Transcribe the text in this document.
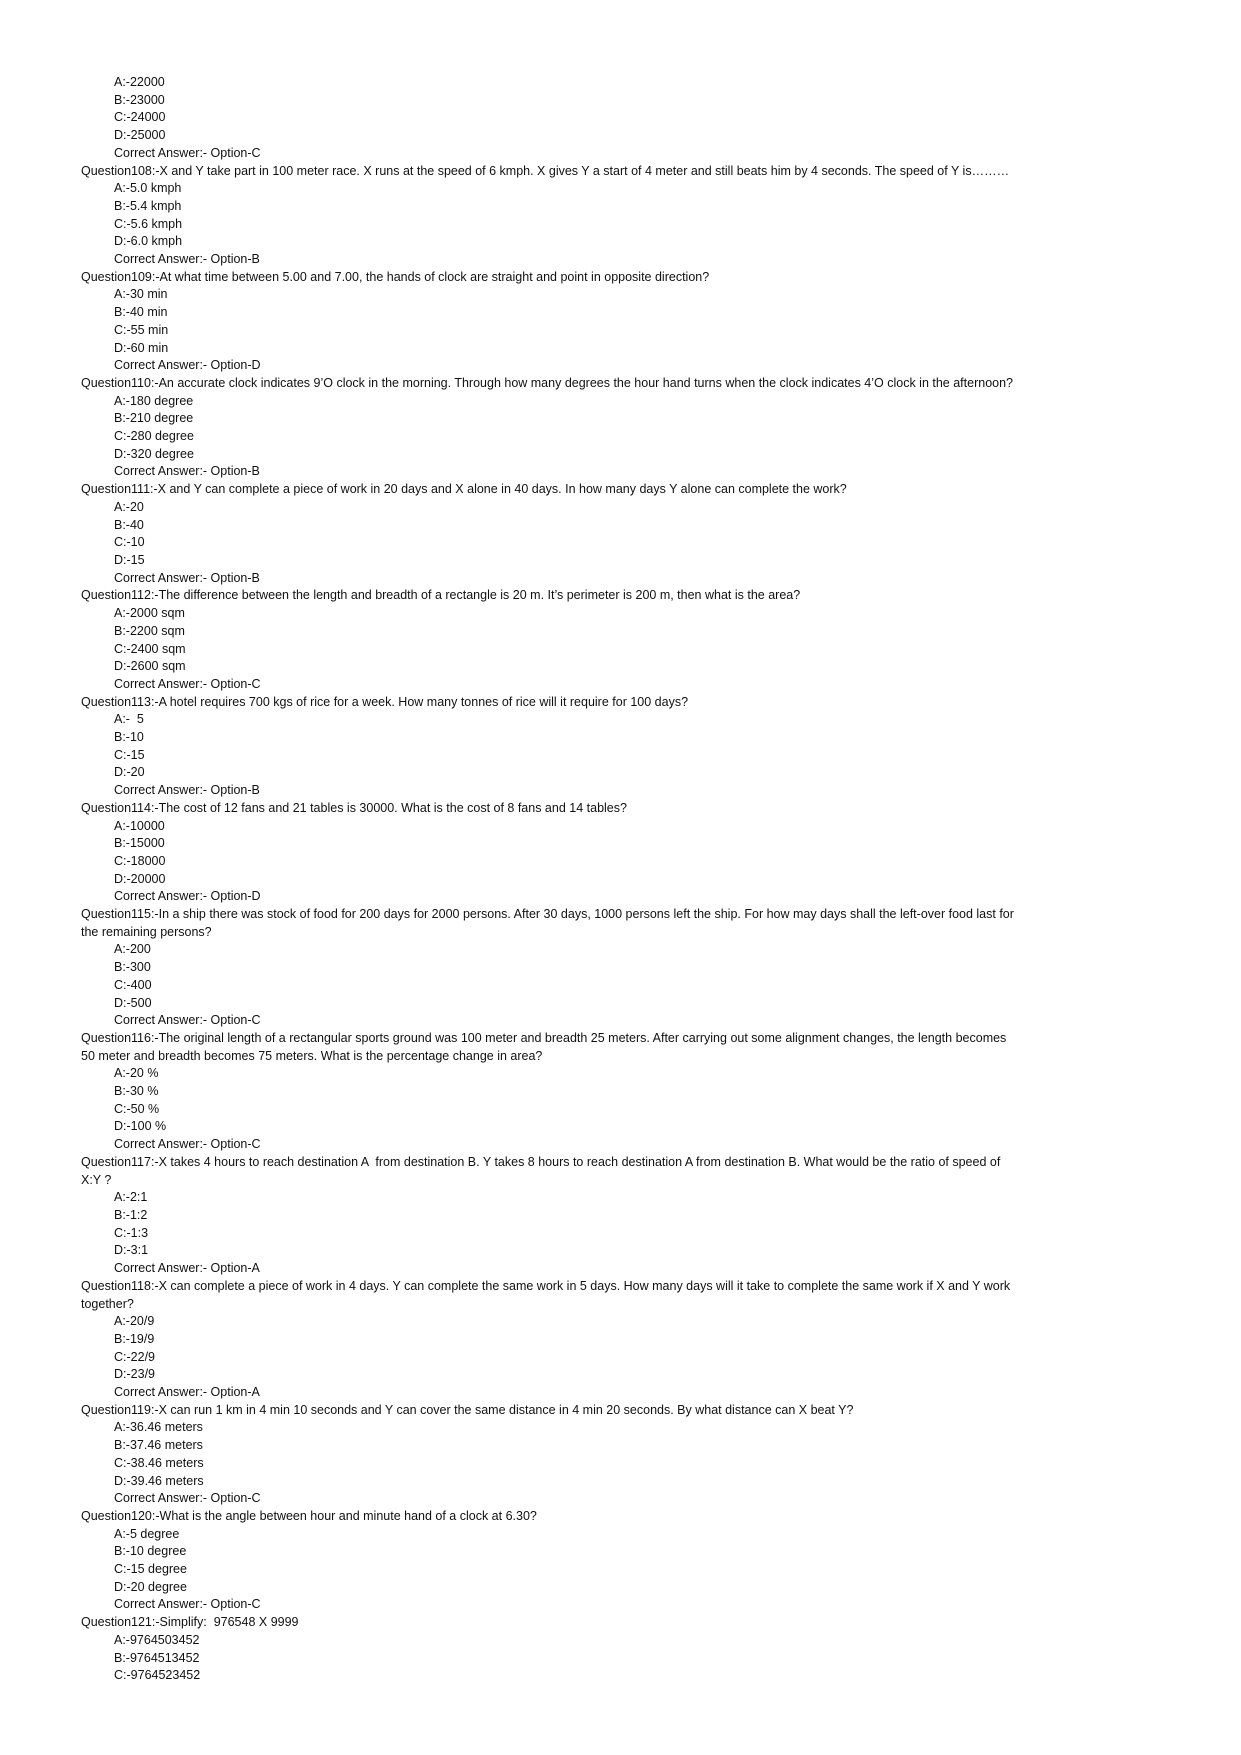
A:-22000
B:-23000
C:-24000
D:-25000
Correct Answer:- Option-C
Question108:-X and Y take part in 100 meter race. X runs at the speed of 6 kmph. X gives Y a start of 4 meter and still beats him by 4 seconds. The speed of Y is………
A:-5.0 kmph
B:-5.4 kmph
C:-5.6 kmph
D:-6.0 kmph
Correct Answer:- Option-B
Question109:-At what time between 5.00 and 7.00, the hands of clock are straight and point in opposite direction?
A:-30 min
B:-40 min
C:-55 min
D:-60 min
Correct Answer:- Option-D
Question110:-An accurate clock indicates 9’O clock in the morning. Through how many degrees the hour hand turns when the clock indicates 4’O clock in the afternoon?
A:-180 degree
B:-210 degree
C:-280 degree
D:-320 degree
Correct Answer:- Option-B
Question111:-X and Y can complete a piece of work in 20 days and X alone in 40 days. In how many days Y alone can complete the work?
A:-20
B:-40
C:-10
D:-15
Correct Answer:- Option-B
Question112:-The difference between the length and breadth of a rectangle is 20 m. It’s perimeter is 200 m, then what is the area?
A:-2000 sqm
B:-2200 sqm
C:-2400 sqm
D:-2600 sqm
Correct Answer:- Option-C
Question113:-A hotel requires 700 kgs of rice for a week. How many tonnes of rice will it require for 100 days?
A:-  5
B:-10
C:-15
D:-20
Correct Answer:- Option-B
Question114:-The cost of 12 fans and 21 tables is 30000. What is the cost of 8 fans and 14 tables?
A:-10000
B:-15000
C:-18000
D:-20000
Correct Answer:- Option-D
Question115:-In a ship there was stock of food for 200 days for 2000 persons. After 30 days, 1000 persons left the ship. For how may days shall the left-over food last for
the remaining persons?
A:-200
B:-300
C:-400
D:-500
Correct Answer:- Option-C
Question116:-The original length of a rectangular sports ground was 100 meter and breadth 25 meters. After carrying out some alignment changes, the length becomes
50 meter and breadth becomes 75 meters. What is the percentage change in area?
A:-20 %
B:-30 %
C:-50 %
D:-100 %
Correct Answer:- Option-C
Question117:-X takes 4 hours to reach destination A  from destination B. Y takes 8 hours to reach destination A from destination B. What would be the ratio of speed of
X:Y ?
A:-2:1
B:-1:2
C:-1:3
D:-3:1
Correct Answer:- Option-A
Question118:-X can complete a piece of work in 4 days. Y can complete the same work in 5 days. How many days will it take to complete the same work if X and Y work
together?
A:-20/9
B:-19/9
C:-22/9
D:-23/9
Correct Answer:- Option-A
Question119:-X can run 1 km in 4 min 10 seconds and Y can cover the same distance in 4 min 20 seconds. By what distance can X beat Y?
A:-36.46 meters
B:-37.46 meters
C:-38.46 meters
D:-39.46 meters
Correct Answer:- Option-C
Question120:-What is the angle between hour and minute hand of a clock at 6.30?
A:-5 degree
B:-10 degree
C:-15 degree
D:-20 degree
Correct Answer:- Option-C
Question121:-Simplify:  976548 X 9999
A:-9764503452
B:-9764513452
C:-9764523452
